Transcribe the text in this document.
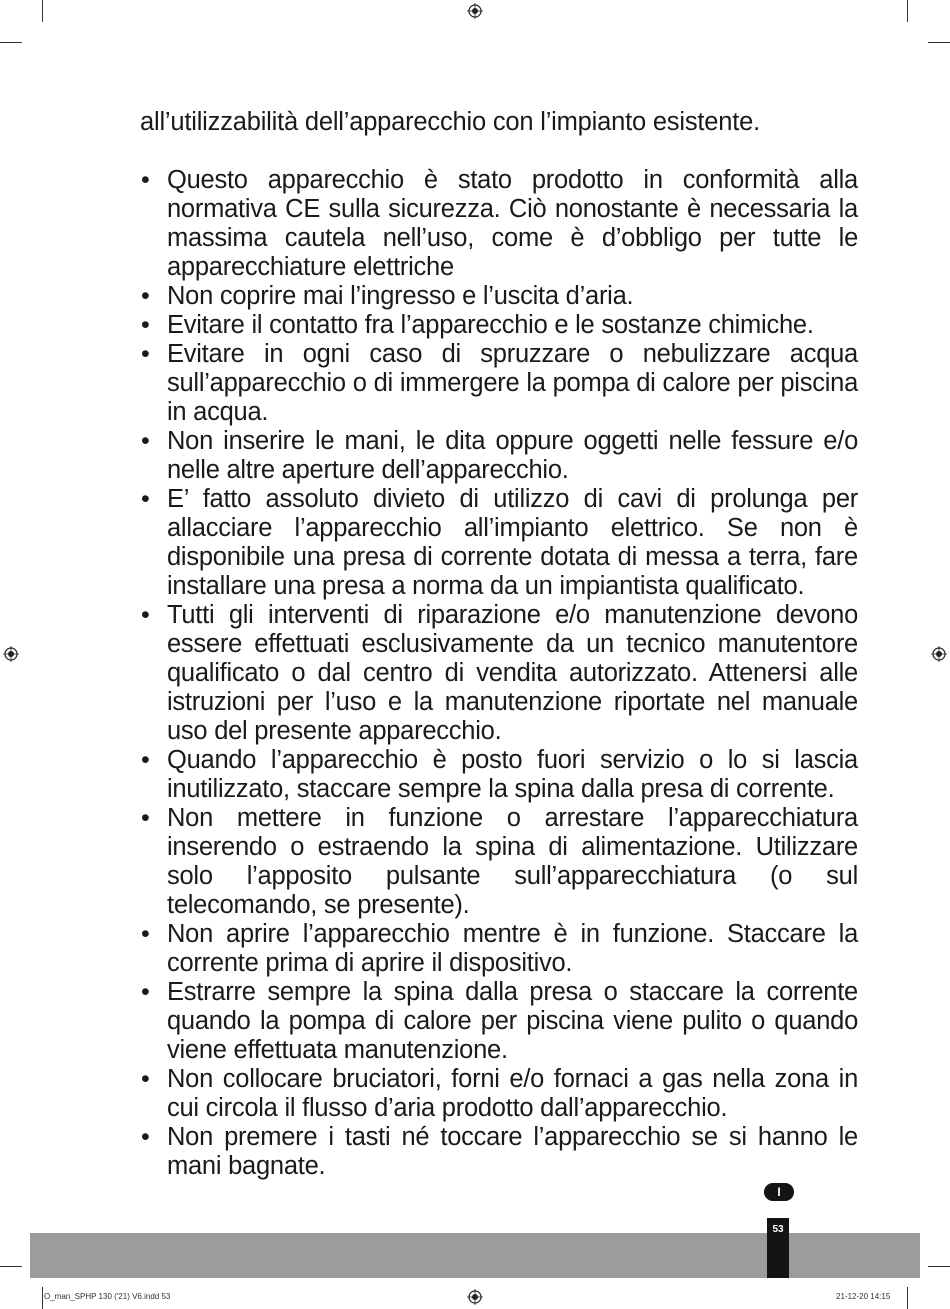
all’utilizzabilità dell’apparecchio con l’impianto esistente.

• Questo apparecchio è stato prodotto in conformità alla normativa CE sulla sicurezza. Ciò nonostante è necessaria la massima cautela nell’uso, come è d’obbligo per tutte le apparecchiature elettriche
• Non coprire mai l’ingresso e l’uscita d’aria.
• Evitare il contatto fra l’apparecchio e le sostanze chimiche.
• Evitare in ogni caso di spruzzare o nebulizzare acqua sull’apparecchio o di immergere la pompa di calore per piscina in acqua.
• Non inserire le mani, le dita oppure oggetti nelle fessure e/o nelle altre aperture dell’apparecchio.
• E’ fatto assoluto divieto di utilizzo di cavi di prolunga per allacciare l’apparecchio all’impianto elettrico. Se non è disponibile una presa di corrente dotata di messa a terra, fare installare una presa a norma da un impiantista qualificato.
• Tutti gli interventi di riparazione e/o manutenzione devono essere effettuati esclusivamente da un tecnico manutentore qualificato o dal centro di vendita autorizzato. Attenersi alle istruzioni per l’uso e la manutenzione riportate nel manuale uso del presente apparecchio.
• Quando l’apparecchio è posto fuori servizio o lo si lascia inutilizzato, staccare sempre la spina dalla presa di corrente.
• Non mettere in funzione o arrestare l’apparecchiatura inserendo o estraendo la spina di alimentazione. Utilizzare solo l’apposito pulsante sull’apparecchiatura (o sul telecomando, se presente).
• Non aprire l’apparecchio mentre è in funzione. Staccare la corrente prima di aprire il dispositivo.
• Estrarre sempre la spina dalla presa o staccare la corrente quando la pompa di calore per piscina viene pulito o quando viene effettuata manutenzione.
• Non collocare bruciatori, forni e/o fornaci a gas nella zona in cui circola il flusso d’aria prodotto dall’apparecchio.
• Non premere i tasti né toccare l’apparecchio se si hanno le mani bagnate.
I
53
O_man_SPHP 130 ('21) V6.indd 53	21-12-20 14:15
